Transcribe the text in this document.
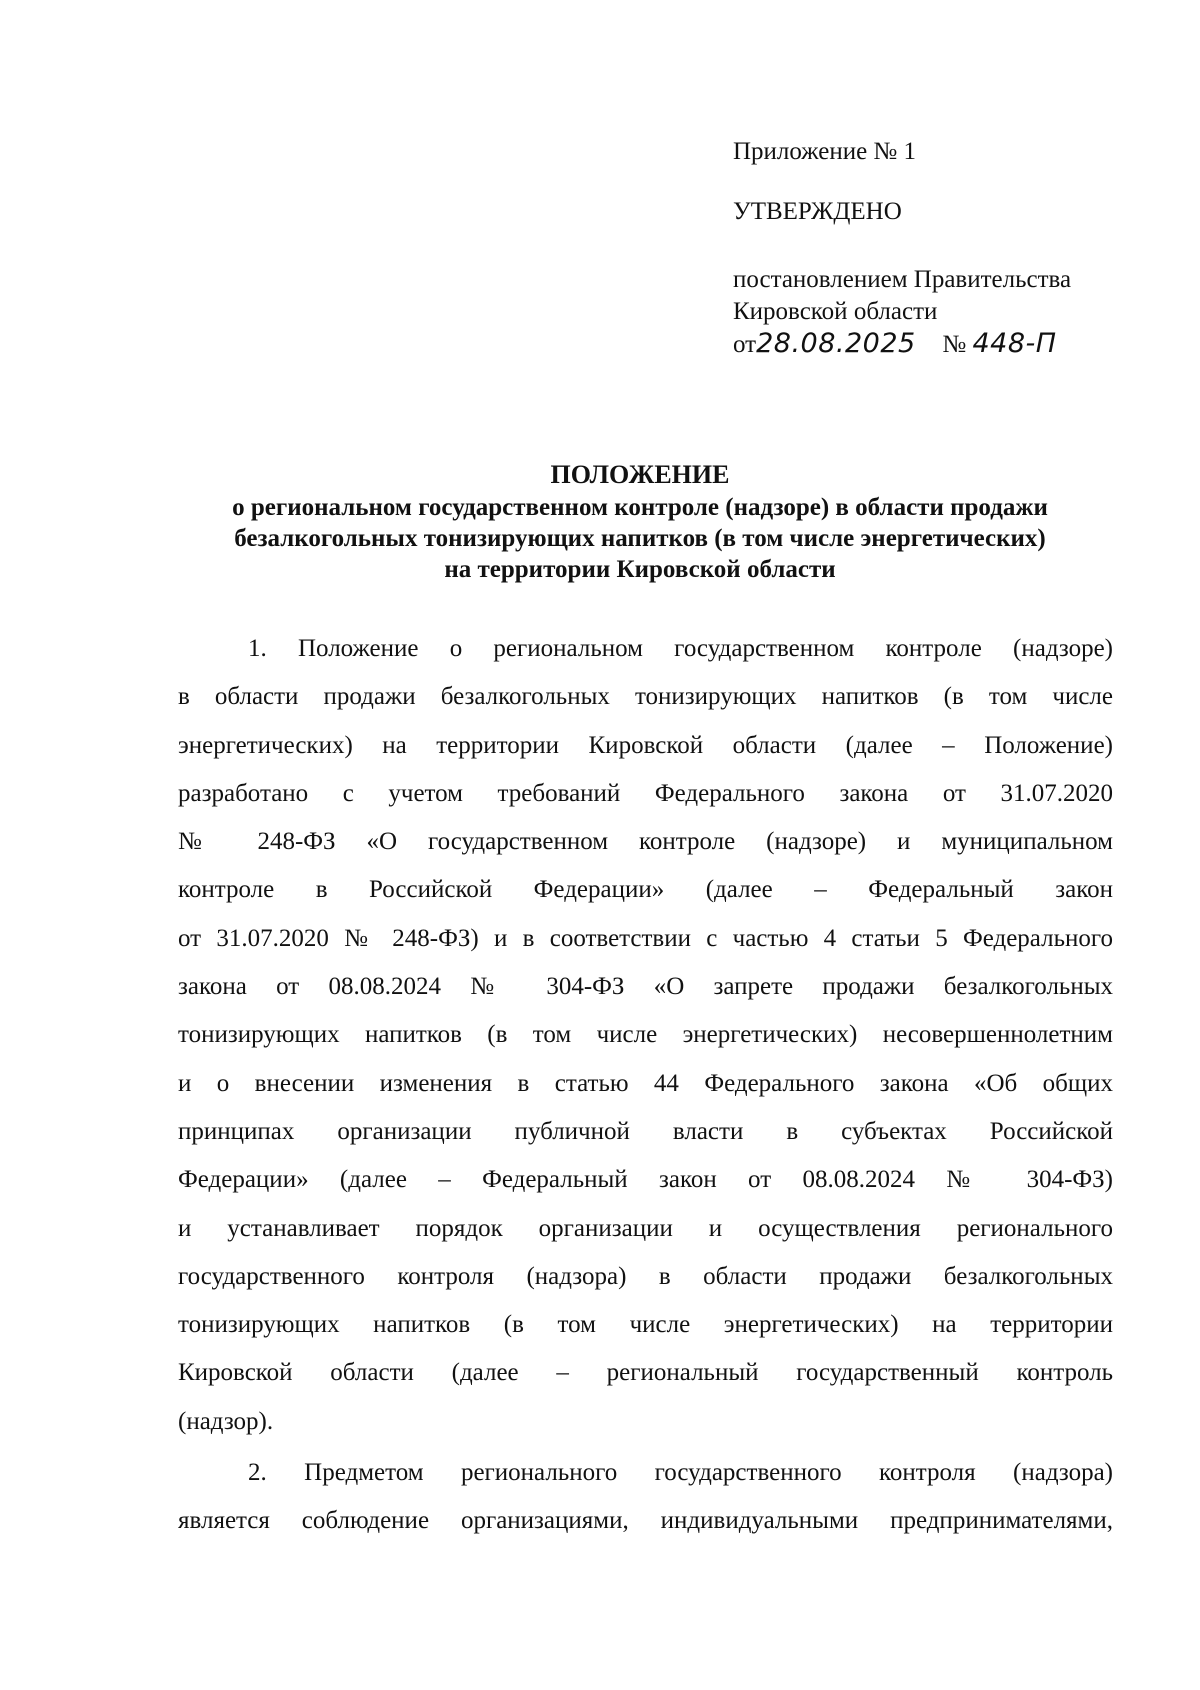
Приложение № 1
УТВЕРЖДЕНО
постановлением Правительства
Кировской области
от28.08.2025 № 448-П
ПОЛОЖЕНИЕ
о региональном государственном контроле (надзоре) в области продажи
безалкогольных тонизирующих напитков (в том числе энергетических)
на территории Кировской области
1. Положение о региональном государственном контроле (надзоре)
в области продажи безалкогольных тонизирующих напитков (в том числе
энергетических) на территории Кировской области (далее – Положение)
разработано с учетом требований Федерального закона от 31.07.2020
№ 248-ФЗ «О государственном контроле (надзоре) и муниципальном
контроле в Российской Федерации» (далее – Федеральный закон
от 31.07.2020 № 248-ФЗ) и в соответствии с частью 4 статьи 5 Федерального
закона от 08.08.2024 № 304-ФЗ «О запрете продажи безалкогольных
тонизирующих напитков (в том числе энергетических) несовершеннолетним
и о внесении изменения в статью 44 Федерального закона «Об общих
принципах организации публичной власти в субъектах Российской
Федерации» (далее – Федеральный закон от 08.08.2024 № 304-ФЗ)
и устанавливает порядок организации и осуществления регионального
государственного контроля (надзора) в области продажи безалкогольных
тонизирующих напитков (в том числе энергетических) на территории
Кировской области (далее – региональный государственный контроль
(надзор).
2. Предметом регионального государственного контроля (надзора)
является соблюдение организациями, индивидуальными предпринимателями,
